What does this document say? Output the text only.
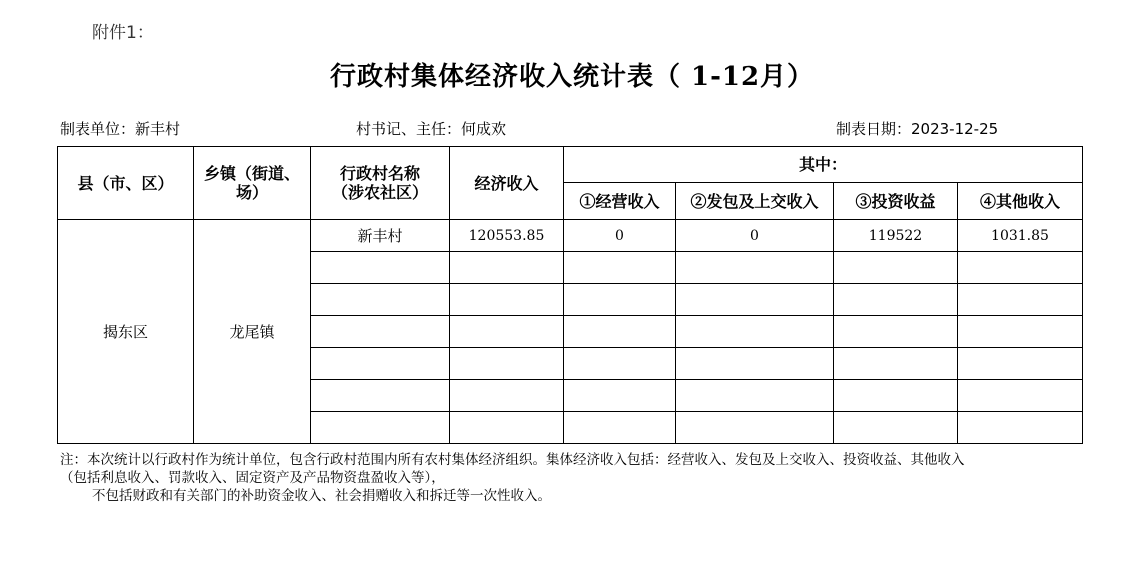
附件1：
行政村集体经济收入统计表（ 1-12月）
制表单位：新丰村	村书记、主任：何成欢	制表日期：2023-12-25
县（市、区）	乡镇（街道、场）	行政村名称（涉农社区）	经济收入	其中：			
				①经营收入	②发包及上交收入	③投资收益	④其他收入
揭东区	龙尾镇	新丰村	120553.85	0	0	119522	1031.85

注：本次统计以行政村作为统计单位，包含行政村范围内所有农村集体经济组织。集体经济收入包括：经营收入、发包及上交收入、投资收益、其他收入
（包括利息收入、罚款收入、固定资产及产品物资盘盈收入等），
不包括财政和有关部门的补助资金收入、社会捐赠收入和拆迁等一次性收入。
